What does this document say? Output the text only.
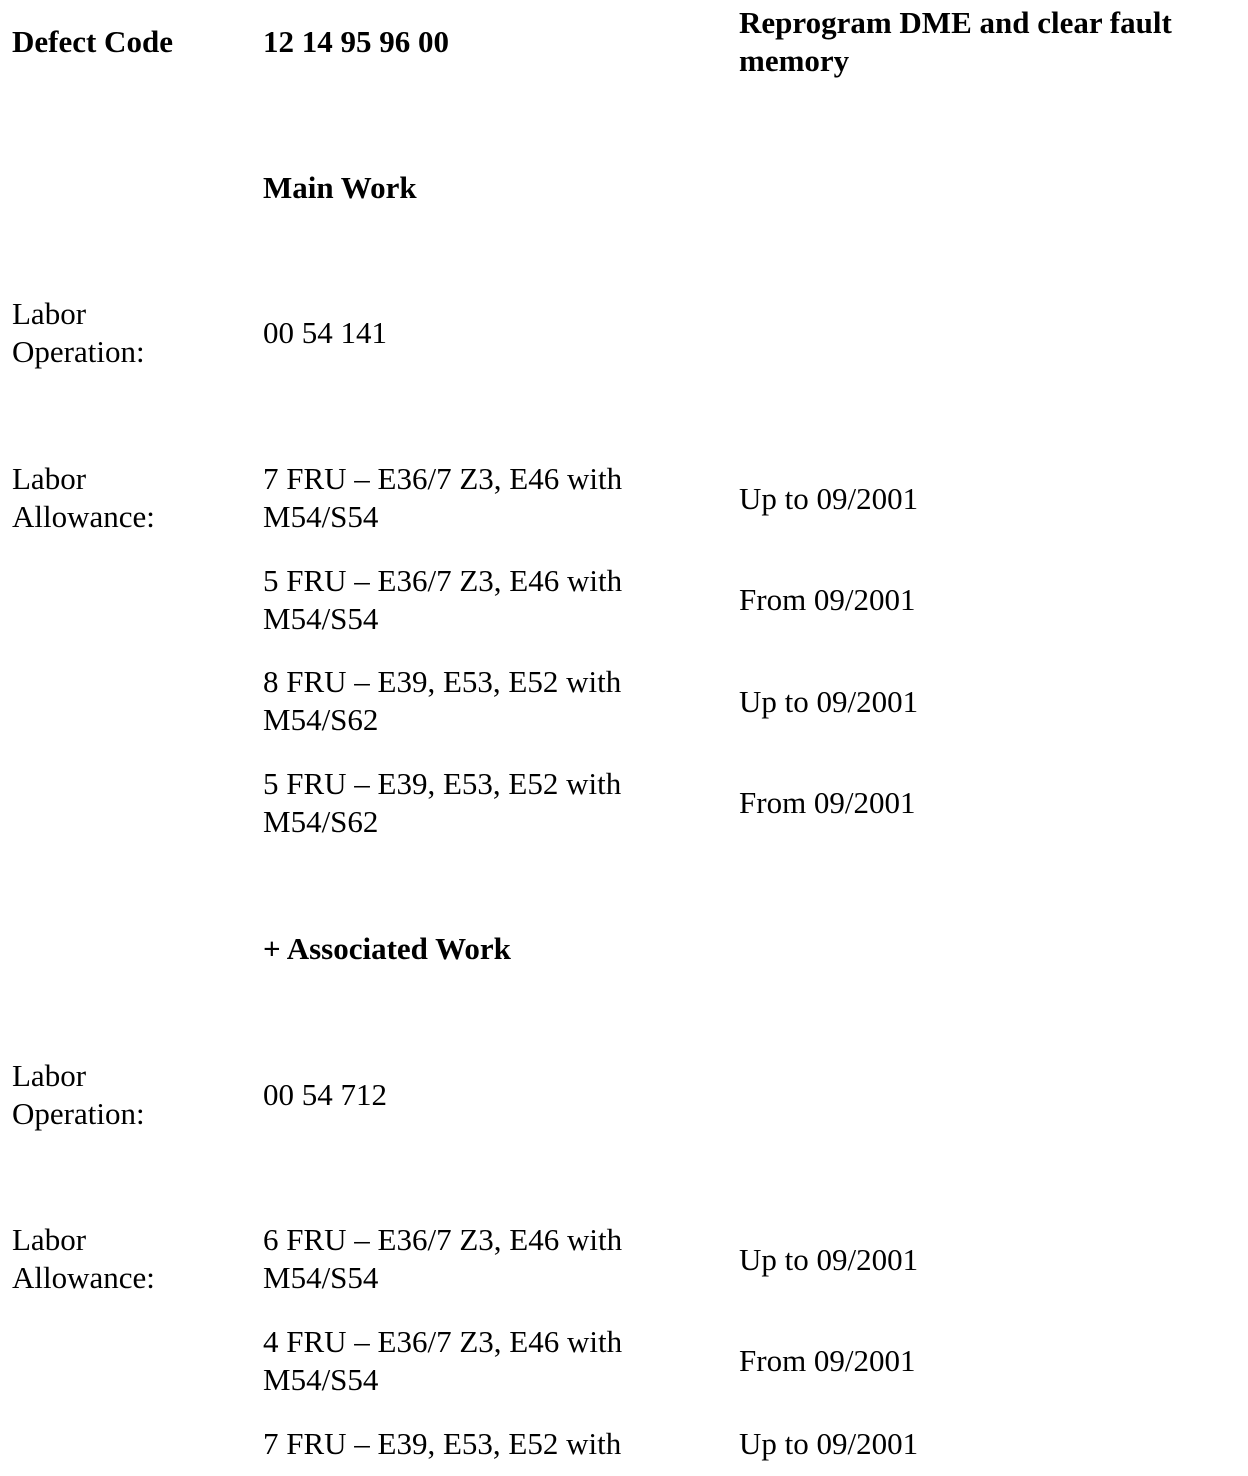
Defect Code	12 14 95 96 00
Reprogram DME and clear fault memory
Main Work
Labor Operation:
00 54 141
Labor Allowance:
7 FRU – E36/7 Z3, E46 with M54/S54
Up to 09/2001
5 FRU – E36/7 Z3, E46 with M54/S54
From 09/2001
8 FRU – E39, E53, E52 with M54/S62
Up to 09/2001
5 FRU – E39, E53, E52 with M54/S62
From 09/2001
+ Associated Work
Labor Operation:
00 54 712
Labor Allowance:
6 FRU – E36/7 Z3, E46 with M54/S54
Up to 09/2001
4 FRU – E36/7 Z3, E46 with M54/S54
From 09/2001
7 FRU – E39, E53, E52 with	Up to 09/2001
